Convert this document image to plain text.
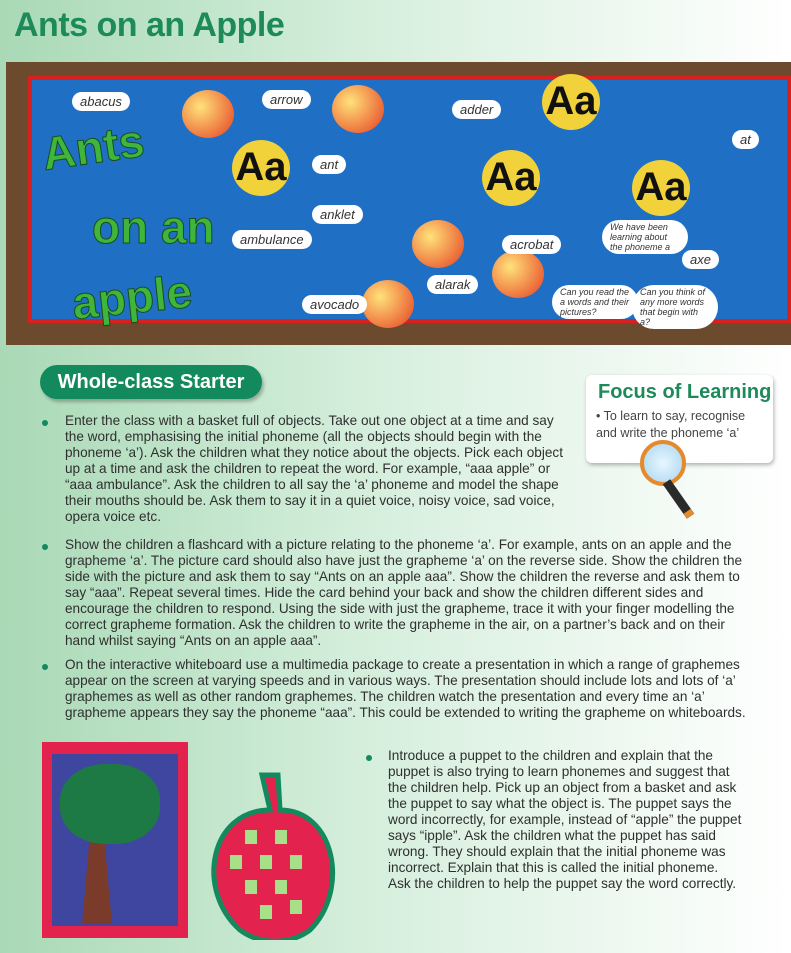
Ants on an Apple
Ants
on an
apple
Aa	Aa Aa
Aa
abacus	arrow
ant
anklet
ambulance
adder
acrobat
axe
at
avocado
alarak	Can you read the a words and their pictures?
We have been learning about the phoneme a
Can you think of any more words that begin with a?
Whole-class Starter	Focus of Learning

• To learn to say, recognise and write the phoneme ‘a’

Enter the class with a basket full of objects. Take out one object at a time and say the word, emphasising the initial phoneme (all the objects should begin with the phoneme ‘a’). Ask the children what they notice about the objects. Pick each object up at a time and ask the children to repeat the word. For example, “aaa apple” or “aaa ambulance”. Ask the children to all say the ‘a’ phoneme and model the shape their mouths should be. Ask them to say it in a quiet voice, noisy voice, sad voice, opera voice etc.

Show the children a flashcard with a picture relating to the phoneme ‘a’. For example, ants on an apple and the grapheme ‘a’. The picture card should also have just the grapheme ‘a’ on the reverse side. Show the children the side with the picture and ask them to say “Ants on an apple aaa”. Show the children the reverse and ask them to say “aaa”. Repeat several times. Hide the card behind your back and show the children different sides and encourage the children to respond. Using the side with just the grapheme, trace it with your finger modelling the correct grapheme formation. Ask the children to write the grapheme in the air, on a partner’s back and on their hand whilst saying “Ants on an apple aaa”.

On the interactive whiteboard use a multimedia package to create a presentation in which a range of graphemes appear on the screen at varying speeds and in various ways. The presentation should include lots and lots of ‘a’ graphemes as well as other random graphemes. The children watch the presentation and every time an ‘a’ grapheme appears they say the phoneme “aaa”. This could be extended to writing the grapheme on whiteboards.

Introduce a puppet to the children and explain that the puppet is also trying to learn phonemes and suggest that the children help. Pick up an object from a basket and ask the puppet to say what the object is. The puppet says the word incorrectly, for example, instead of “apple” the puppet says “ipple”. Ask the children what the puppet has said wrong. They should explain that the initial phoneme was incorrect. Explain that this is called the initial phoneme. Ask the children to help the puppet say the word correctly.
